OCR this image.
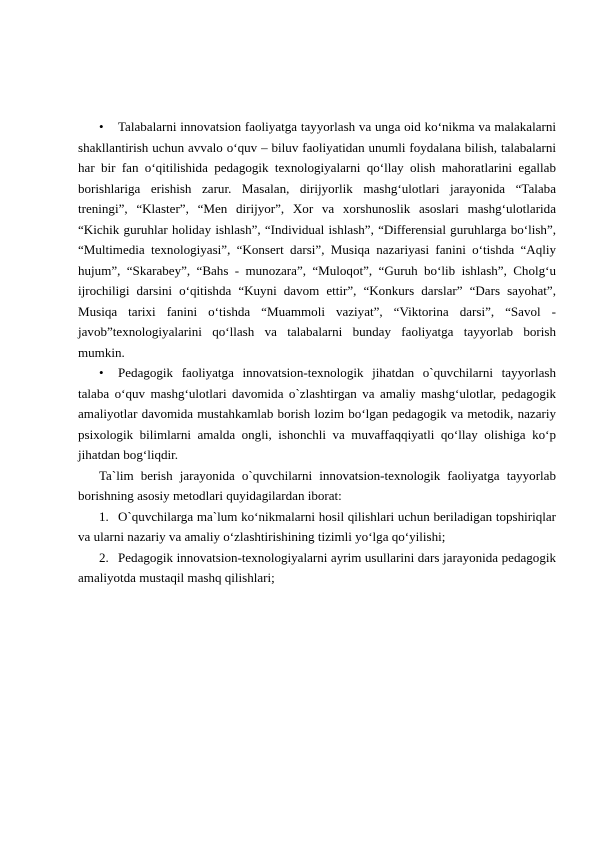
• Talabalarni innovatsion faoliyatga tayyorlash va unga oid ko‘nikma va malakalarni shakllantirish uchun avvalo o‘quv – biluv faoliyatidan unumli foydalana bilish, talabalarni har bir fan o‘qitilishida pedagogik texnologiyalarni qo‘llay olish mahoratlarini egallab borishlariga erishish zarur. Masalan, dirijyorlik mashg‘ulotlari jarayonida “Talaba treningi”, “Klaster”, “Men dirijyor”, Xor va xorshunoslik asoslari mashg‘ulotlarida “Kichik guruhlar holiday ishlash”, “Individual ishlash”, “Differensial guruhlarga bo‘lish”, “Multimedia texnologiyasi”, “Konsert darsi”, Musiqa nazariyasi fanini o‘tishda “Aqliy hujum”, “Skarabey”, “Bahs - munozara”, “Muloqot”, “Guruh bo‘lib ishlash”, Cholg‘u ijrochiligi darsini o‘qitishda “Kuyni davom ettir”, “Konkurs darslar” “Dars sayohat”, Musiqa tarixi fanini o‘tishda “Muammoli vaziyat”, “Viktorina darsi”, “Savol - javob”texnologiyalarini qo‘llash va talabalarni bunday faoliyatga tayyorlab borish mumkin.

• Pedagogik faoliyatga innovatsion-texnologik jihatdan o`quvchilarni tayyorlash talaba o‘quv mashg‘ulotlari davomida o`zlashtirgan va amaliy mashg‘ulotlar, pedagogik amaliyotlar davomida mustahkamlab borish lozim bo‘lgan pedagogik va metodik, nazariy psixologik bilimlarni amalda ongli, ishonchli va muvaffaqqiyatli qo‘llay olishiga ko‘p jihatdan bog‘liqdir.

Ta`lim berish jarayonida o`quvchilarni innovatsion-texnologik faoliyatga tayyorlab borishning asosiy metodlari quyidagilardan iborat:

1. O`quvchilarga ma`lum ko‘nikmalarni hosil qilishlari uchun beriladigan topshiriqlar va ularni nazariy va amaliy o‘zlashtirishining tizimli yo‘lga qo‘yilishi;

2. Pedagogik innovatsion-texnologiyalarni ayrim usullarini dars jarayonida pedagogik amaliyotda mustaqil mashq qilishlari;
